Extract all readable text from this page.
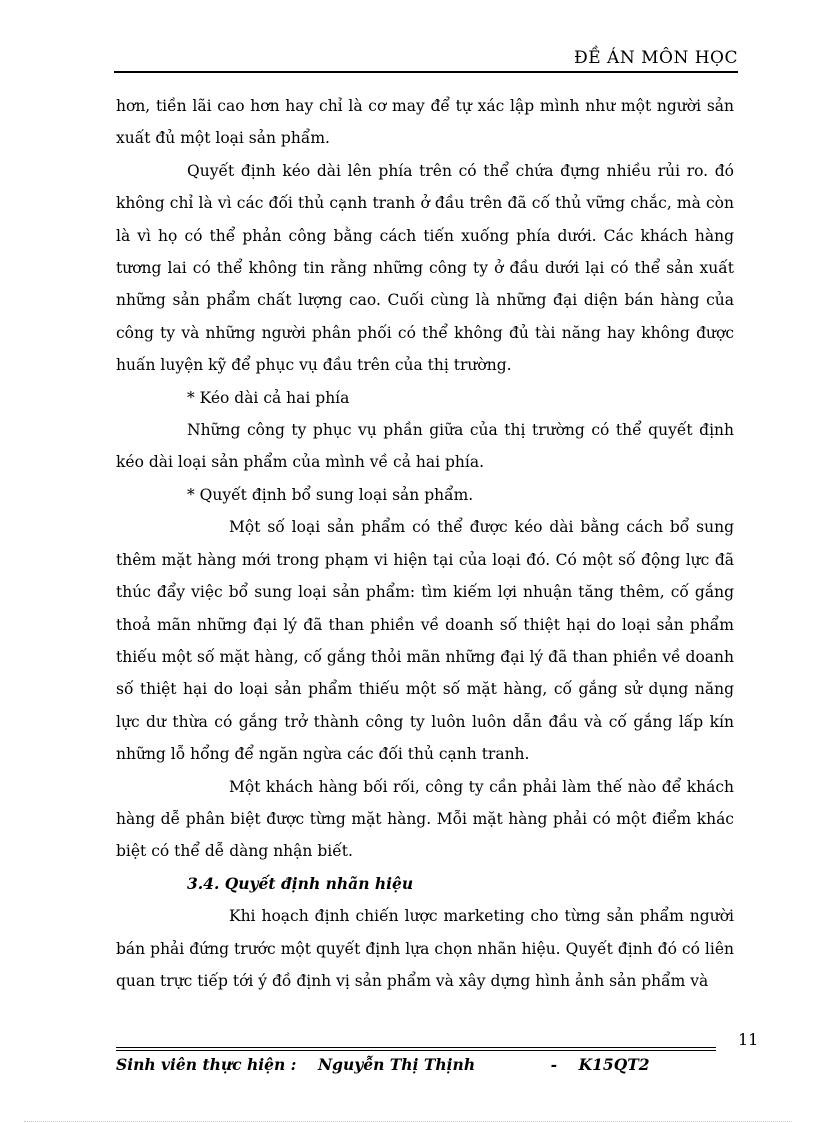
ĐỀ ÁN MÔN HỌC

hơn, tiền lãi cao hơn hay chỉ là cơ may để tự xác lập mình như một người sản xuất đủ một loại sản phẩm.

Quyết định kéo dài lên phía trên có thể chứa đựng nhiều rủi ro. đó không chỉ là vì các đối thủ cạnh tranh ở đầu trên đã cố thủ vững chắc, mà còn là vì họ có thể phản công bằng cách tiến xuống phía dưới. Các khách hàng tương lai có thể không tin rằng những công ty ở đầu dưới lại có thể sản xuất những sản phẩm chất lượng cao. Cuối cùng là những đại diện bán hàng của công ty và những người phân phối có thể không đủ tài năng hay không được huấn luyện kỹ để phục vụ đầu trên của thị trường.

* Kéo dài cả hai phía

Những công ty phục vụ phần giữa của thị trường có thể quyết định kéo dài loại sản phẩm của mình về cả hai phía.

* Quyết định bổ sung loại sản phẩm.

Một số loại sản phẩm có thể được kéo dài bằng cách bổ sung thêm mặt hàng mới trong phạm vi hiện tại của loại đó. Có một số động lực đã thúc đẩy việc bổ sung loại sản phẩm: tìm kiếm lợi nhuận tăng thêm, cố gắng thoả mãn những đại lý đã than phiền về doanh số thiệt hại do loại sản phẩm thiếu một số mặt hàng, cố gắng thỏi mãn những đại lý đã than phiền về doanh số thiệt hại do loại sản phẩm thiếu một số mặt hàng, cố gắng sử dụng năng lực dư thừa có gắng trở thành công ty luôn luôn dẫn đầu và cố gắng lấp kín những lỗ hổng để ngăn ngừa các đối thủ cạnh tranh.

Một khách hàng bối rối, công ty cần phải làm thế nào để khách hàng dễ phân biệt được từng mặt hàng. Mỗi mặt hàng phải có một điểm khác biệt có thể dễ dàng nhận biết.

3.4. Quyết định nhãn hiệu

Khi hoạch định chiến lược marketing cho từng sản phẩm người bán phải đứng trước một quyết định lựa chọn nhãn hiệu. Quyết định đó có liên quan trực tiếp tới ý đồ định vị sản phẩm và xây dựng hình ảnh sản phẩm và

11
Sinh viên thực hiện :    Nguyễn Thị Thịnh              -    K15QT2
